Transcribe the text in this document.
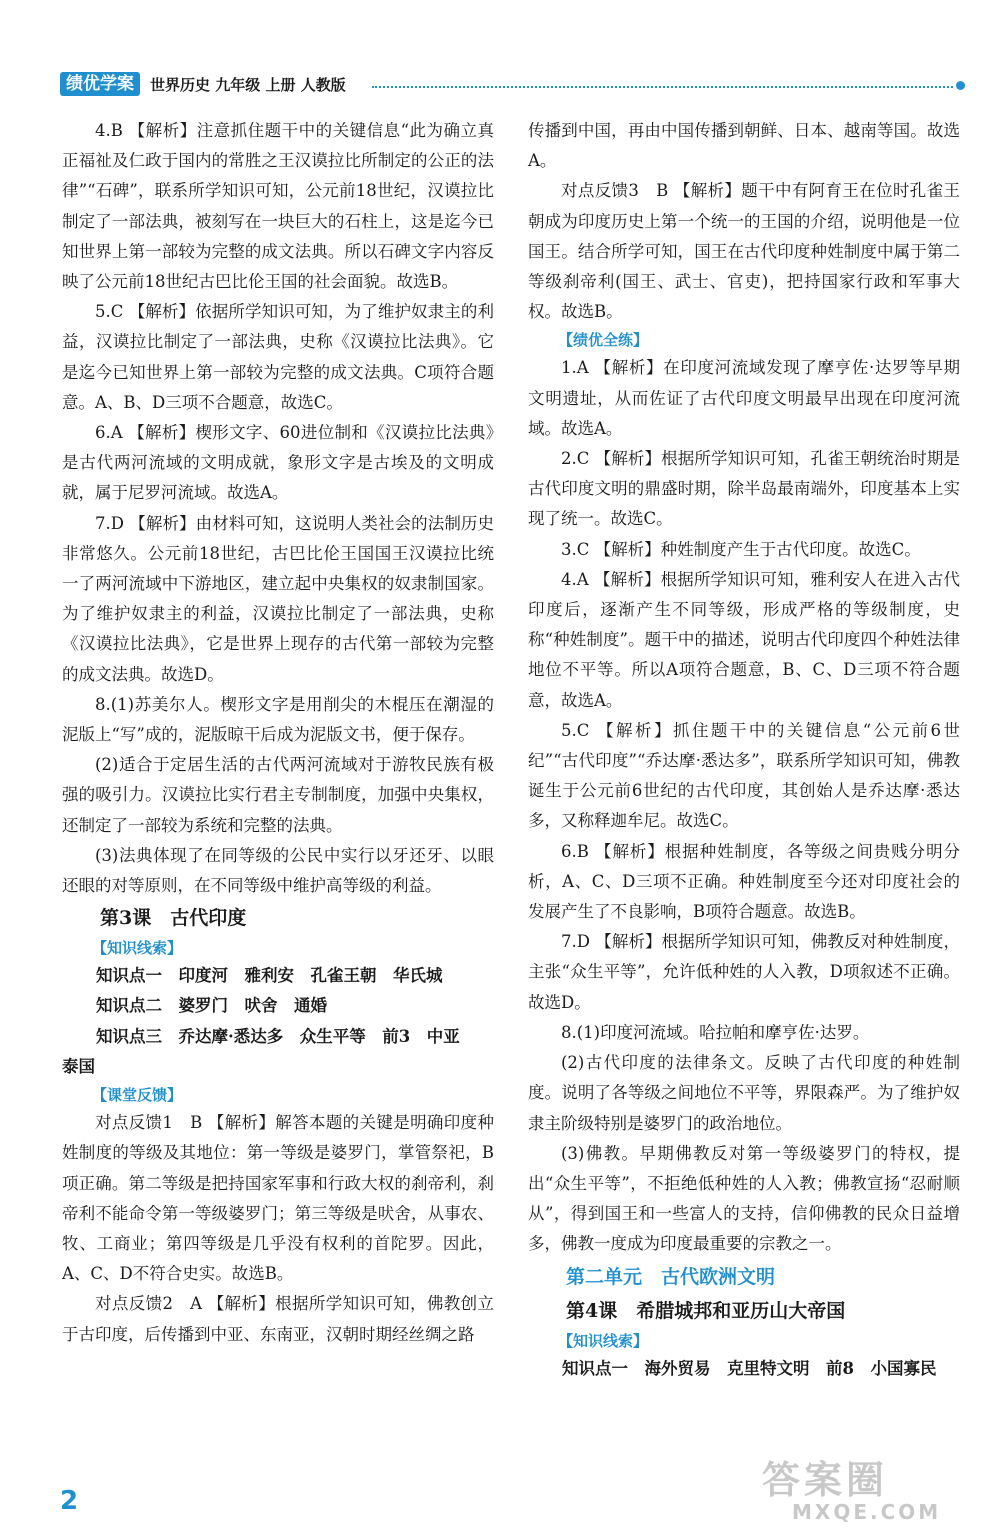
绩优学案	世界历史 九年级 上册 人教版

4.B 【解析】注意抓住题干中的关键信息“此为确立真正福祉及仁政于国内的常胜之王汉谟拉比所制定的公正的法律”“石碑”，联系所学知识可知，公元前18世纪，汉谟拉比制定了一部法典，被刻写在一块巨大的石柱上，这是迄今已知世界上第一部较为完整的成文法典。所以石碑文字内容反映了公元前18世纪古巴比伦王国的社会面貌。故选B。

5.C 【解析】依据所学知识可知，为了维护奴隶主的利益，汉谟拉比制定了一部法典，史称《汉谟拉比法典》。它是迄今已知世界上第一部较为完整的成文法典。C项符合题意。A、B、D三项不合题意，故选C。

6.A 【解析】楔形文字、60进位制和《汉谟拉比法典》是古代两河流域的文明成就，象形文字是古埃及的文明成就，属于尼罗河流域。故选A。

7.D 【解析】由材料可知，这说明人类社会的法制历史非常悠久。公元前18世纪，古巴比伦王国国王汉谟拉比统一了两河流域中下游地区，建立起中央集权的奴隶制国家。为了维护奴隶主的利益，汉谟拉比制定了一部法典，史称《汉谟拉比法典》，它是世界上现存的古代第一部较为完整的成文法典。故选D。

8.(1)苏美尔人。楔形文字是用削尖的木棍压在潮湿的泥版上“写”成的，泥版晾干后成为泥版文书，便于保存。

(2)适合于定居生活的古代两河流域对于游牧民族有极强的吸引力。汉谟拉比实行君主专制制度，加强中央集权，还制定了一部较为系统和完整的法典。

(3)法典体现了在同等级的公民中实行以牙还牙、以眼还眼的对等原则，在不同等级中维护高等级的利益。

第3课　古代印度

【知识线索】

知识点一　印度河　雅利安　孔雀王朝　华氏城

知识点二　婆罗门　吠舍　通婚

知识点三　乔达摩·悉达多　众生平等　前3　中亚

泰国

【课堂反馈】

对点反馈1　B 【解析】解答本题的关键是明确印度种姓制度的等级及其地位：第一等级是婆罗门，掌管祭祀，B项正确。第二等级是把持国家军事和行政大权的刹帝利，刹帝利不能命令第一等级婆罗门；第三等级是吠舍，从事农、牧、工商业；第四等级是几乎没有权利的首陀罗。因此，A、C、D不符合史实。故选B。

对点反馈2　A 【解析】根据所学知识可知，佛教创立于古印度，后传播到中亚、东南亚，汉朝时期经丝绸之路

传播到中国，再由中国传播到朝鲜、日本、越南等国。故选A。

对点反馈3　B 【解析】题干中有阿育王在位时孔雀王朝成为印度历史上第一个统一的王国的介绍，说明他是一位国王。结合所学可知，国王在古代印度种姓制度中属于第二等级刹帝利(国王、武士、官吏)，把持国家行政和军事大权。故选B。

【绩优全练】

1.A 【解析】在印度河流域发现了摩亨佐·达罗等早期文明遗址，从而佐证了古代印度文明最早出现在印度河流域。故选A。

2.C 【解析】根据所学知识可知，孔雀王朝统治时期是古代印度文明的鼎盛时期，除半岛最南端外，印度基本上实现了统一。故选C。

3.C 【解析】种姓制度产生于古代印度。故选C。

4.A 【解析】根据所学知识可知，雅利安人在进入古代印度后，逐渐产生不同等级，形成严格的等级制度，史称“种姓制度”。题干中的描述，说明古代印度四个种姓法律地位不平等。所以A项符合题意，B、C、D三项不符合题意，故选A。

5.C 【解析】抓住题干中的关键信息“公元前6世纪”“古代印度”“乔达摩·悉达多”，联系所学知识可知，佛教诞生于公元前6世纪的古代印度，其创始人是乔达摩·悉达多，又称释迦牟尼。故选C。

6.B 【解析】根据种姓制度，各等级之间贵贱分明分析，A、C、D三项不正确。种姓制度至今还对印度社会的发展产生了不良影响，B项符合题意。故选B。

7.D 【解析】根据所学知识可知，佛教反对种姓制度，主张“众生平等”，允许低种姓的人入教，D项叙述不正确。故选D。

8.(1)印度河流域。哈拉帕和摩亨佐·达罗。

(2)古代印度的法律条文。反映了古代印度的种姓制度。说明了各等级之间地位不平等，界限森严。为了维护奴隶主阶级特别是婆罗门的政治地位。

(3)佛教。早期佛教反对第一等级婆罗门的特权，提出“众生平等”，不拒绝低种姓的人入教；佛教宣扬“忍耐顺从”，得到国王和一些富人的支持，信仰佛教的民众日益增多，佛教一度成为印度最重要的宗教之一。

第二单元　古代欧洲文明

第4课　希腊城邦和亚历山大帝国

【知识线索】

知识点一　海外贸易　克里特文明　前8　小国寡民

2	答案圈
MXQE.COM
